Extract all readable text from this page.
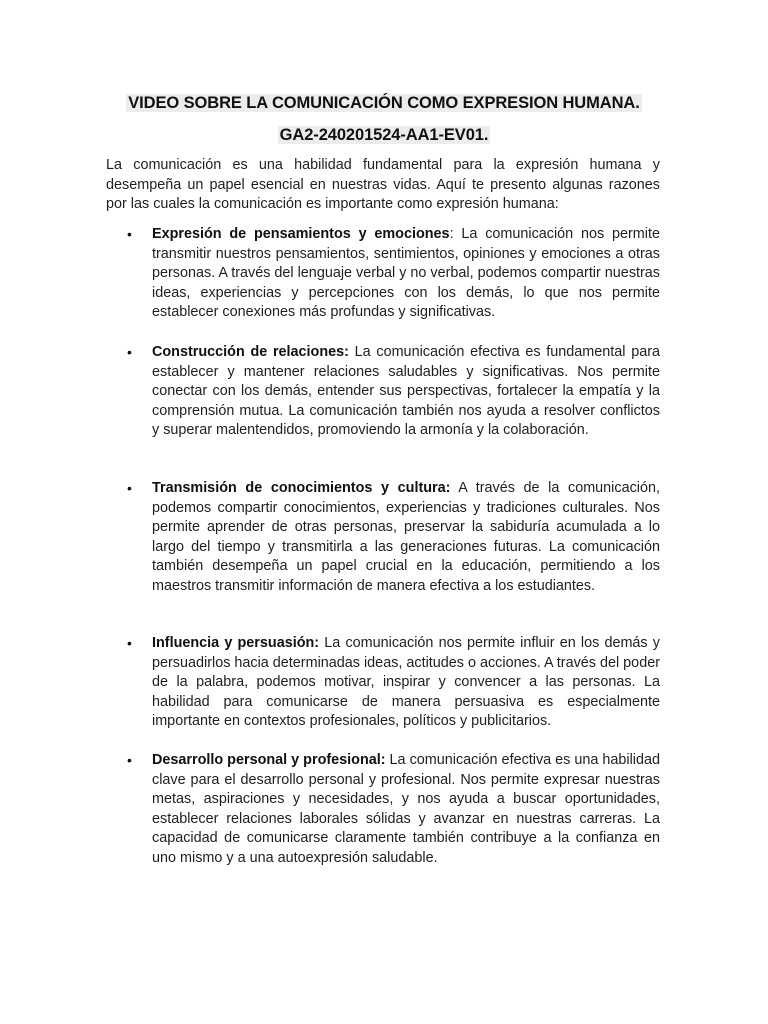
VIDEO SOBRE LA COMUNICACIÓN COMO EXPRESION HUMANA.
GA2-240201524-AA1-EV01.

La comunicación es una habilidad fundamental para la expresión humana y desempeña un papel esencial en nuestras vidas. Aquí te presento algunas razones por las cuales la comunicación es importante como expresión humana:

•	Expresión de pensamientos y emociones: La comunicación nos permite transmitir nuestros pensamientos, sentimientos, opiniones y emociones a otras personas. A través del lenguaje verbal y no verbal, podemos compartir nuestras ideas, experiencias y percepciones con los demás, lo que nos permite establecer conexiones más profundas y significativas.
•	Construcción de relaciones: La comunicación efectiva es fundamental para establecer y mantener relaciones saludables y significativas. Nos permite conectar con los demás, entender sus perspectivas, fortalecer la empatía y la comprensión mutua. La comunicación también nos ayuda a resolver conflictos y superar malentendidos, promoviendo la armonía y la colaboración.
•	Transmisión de conocimientos y cultura: A través de la comunicación, podemos compartir conocimientos, experiencias y tradiciones culturales. Nos permite aprender de otras personas, preservar la sabiduría acumulada a lo largo del tiempo y transmitirla a las generaciones futuras. La comunicación también desempeña un papel crucial en la educación, permitiendo a los maestros transmitir información de manera efectiva a los estudiantes.
•	Influencia y persuasión: La comunicación nos permite influir en los demás y persuadirlos hacia determinadas ideas, actitudes o acciones. A través del poder de la palabra, podemos motivar, inspirar y convencer a las personas. La habilidad para comunicarse de manera persuasiva es especialmente importante en contextos profesionales, políticos y publicitarios.
•	Desarrollo personal y profesional: La comunicación efectiva es una habilidad clave para el desarrollo personal y profesional. Nos permite expresar nuestras metas, aspiraciones y necesidades, y nos ayuda a buscar oportunidades, establecer relaciones laborales sólidas y avanzar en nuestras carreras. La capacidad de comunicarse claramente también contribuye a la confianza en uno mismo y a una autoexpresión saludable.
